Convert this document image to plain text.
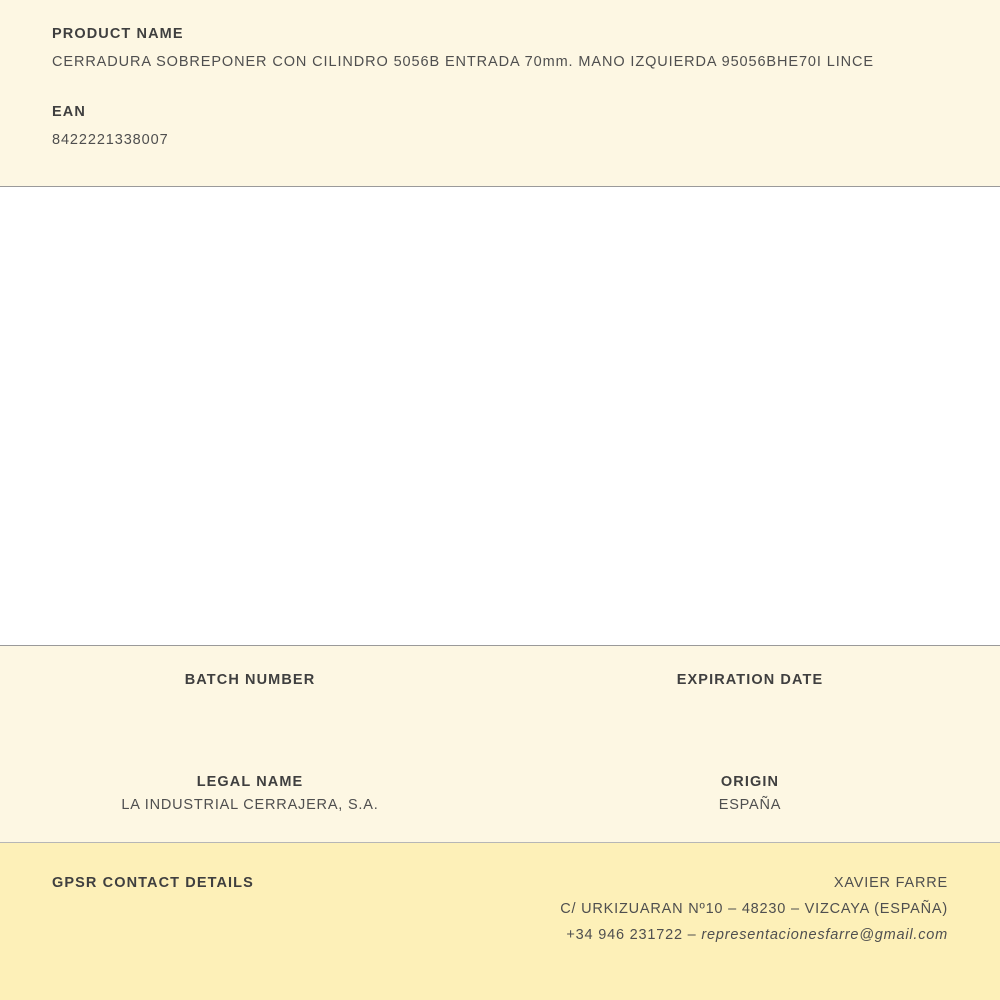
PRODUCT NAME

CERRADURA SOBREPONER CON CILINDRO 5056B ENTRADA 70mm. MANO IZQUIERDA 95056BHE70I LINCE

EAN

8422221338007

BATCH NUMBER	EXPIRATION DATE

LEGAL NAME

LA INDUSTRIAL CERRAJERA, S.A.

ORIGIN

ESPAÑA

GPSR CONTACT DETAILS	XAVIER FARRE

C/ URKIZUARAN Nº10 – 48230 – VIZCAYA (ESPAÑA)

+34 946 231722 – representacionesfarre@gmail.com
